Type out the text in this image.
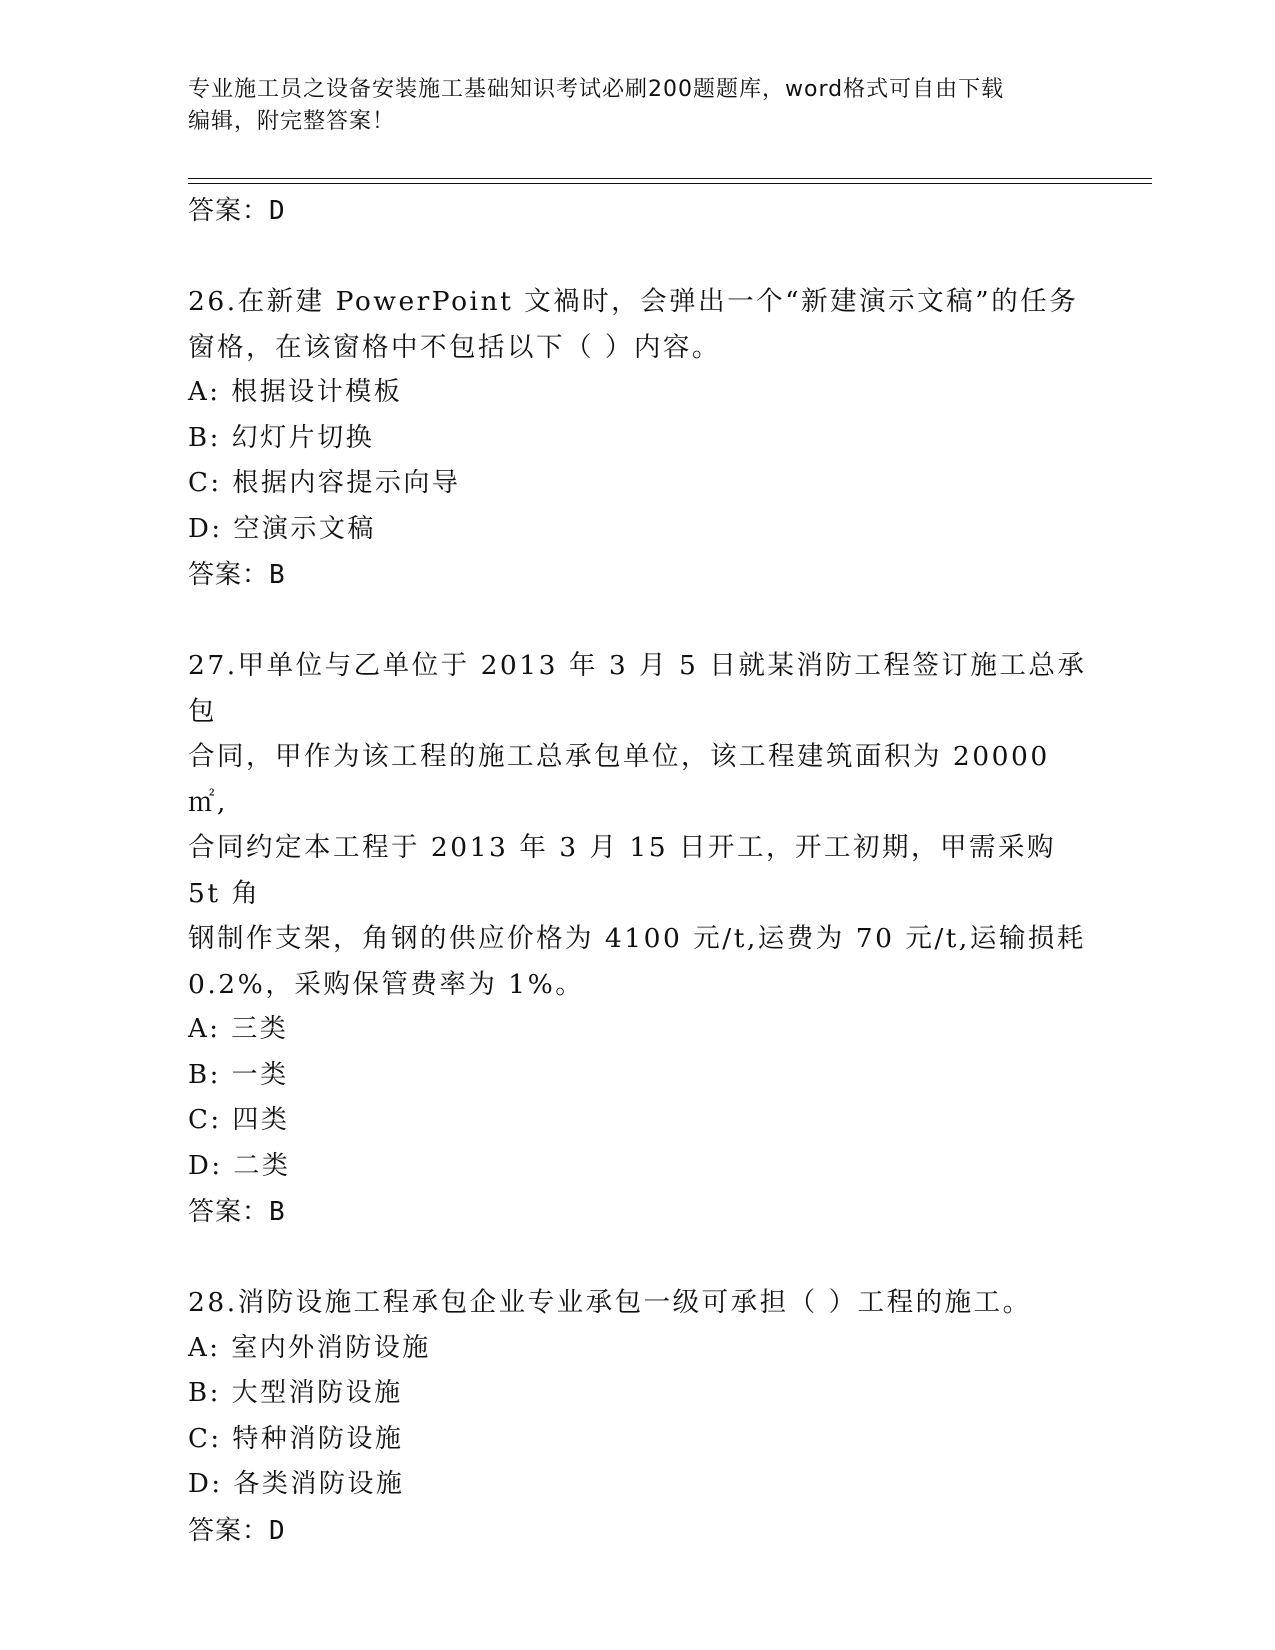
专业施工员之设备安装施工基础知识考试必刷200题题库，word格式可自由下载
编辑，附完整答案！
答案：D
26.在新建 PowerPoint 文禍时，会弹出一个“新建演示文稿”的任务
窗格，在该窗格中不包括以下（ ）内容。
A: 根据设计模板
B: 幻灯片切换
C: 根据内容提示向导
D: 空演示文稿
答案：B
27.甲单位与乙单位于 2013 年 3 月 5 日就某消防工程签订施工总承包
合同，甲作为该工程的施工总承包单位，该工程建筑面积为 20000㎡,
合同约定本工程于 2013 年 3 月 15 日开工，开工初期，甲需采购 5t 角
钢制作支架，角钢的供应价格为 4100 元/t,运费为 70 元/t,运输损耗
0.2%，采购保管费率为 1%。
A: 三类
B: 一类
C: 四类
D: 二类
答案：B
28.消防设施工程承包企业专业承包一级可承担（ ）工程的施工。
A: 室内外消防设施
B: 大型消防设施
C: 特种消防设施
D: 各类消防设施
答案：D
